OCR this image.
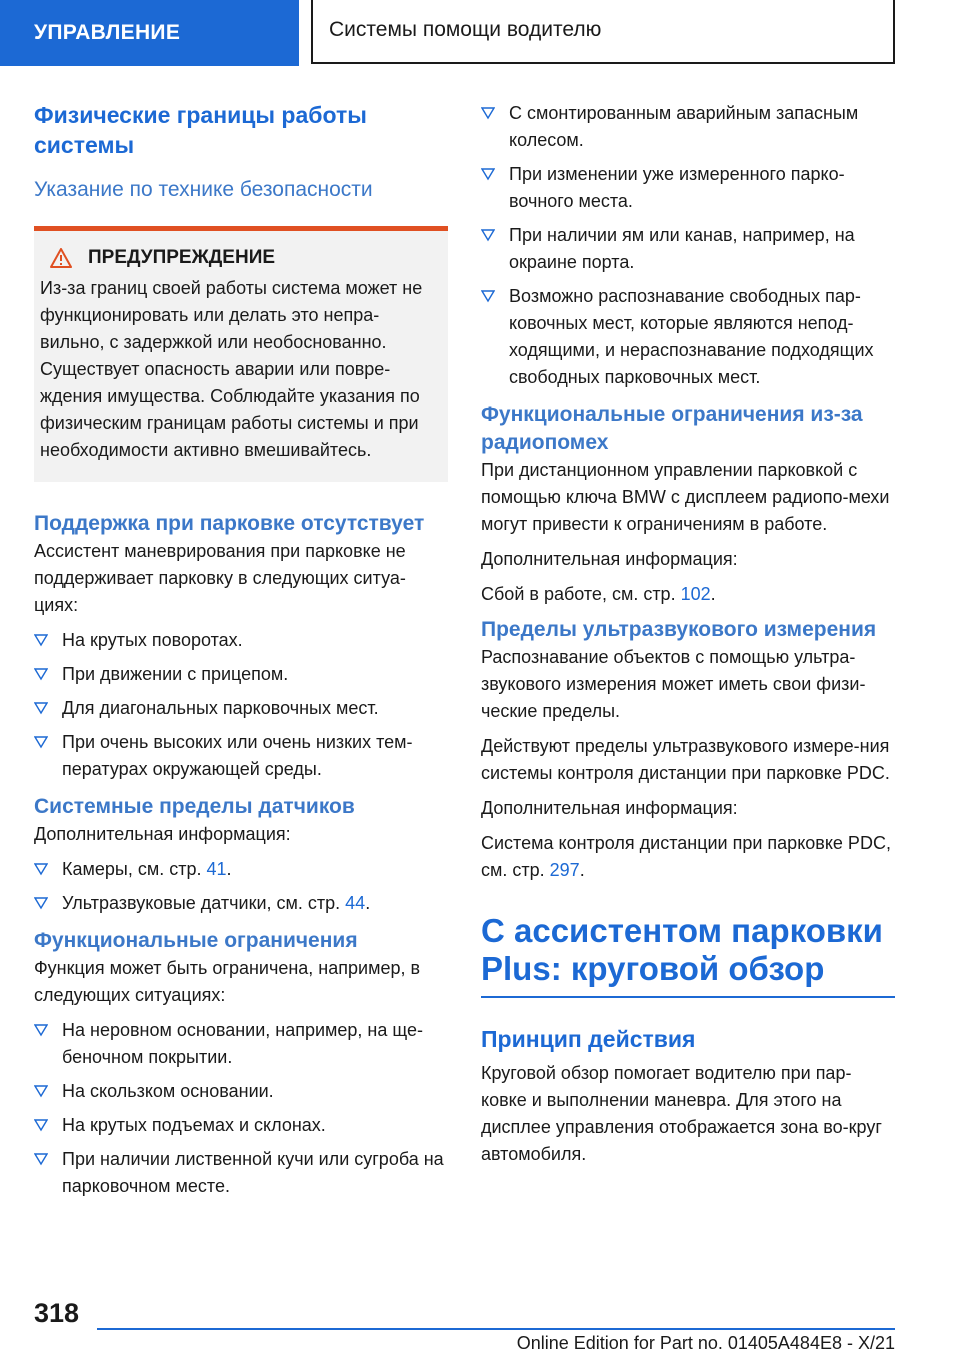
УПРАВЛЕНИЕ	Системы помощи водителю
Физические границы работы системы
Указание по технике безопасности
ПРЕДУПРЕЖДЕНИЕ

Из-за границ своей работы система может не функционировать или делать это непра-вильно, с задержкой или необоснованно. Существует опасность аварии или повре-ждения имущества. Соблюдайте указания по физическим границам работы системы и при необходимости активно вмешивайтесь.

Поддержка при парковке отсутствует

Ассистент маневрирования при парковке не поддерживает парковку в следующих ситуа-циях:

На крутых поворотах.
При движении с прицепом.
Для диагональных парковочных мест.
При очень высоких или очень низких тем-пературах окружающей среды.
Системные пределы датчиков

Дополнительная информация:

Камеры, см. стр. 41.
Ультразвуковые датчики, см. стр. 44.
Функциональные ограничения

Функция может быть ограничена, например, в следующих ситуациях:

На неровном основании, например, на ще-беночном покрытии.
На скользком основании.
На крутых подъемах и склонах.
При наличии лиственной кучи или сугроба на парковочном месте.
С смонтированным аварийным запасным колесом.
При изменении уже измеренного парко-вочного места.
При наличии ям или канав, например, на окраине порта.
Возможно распознавание свободных пар-ковочных мест, которые являются непод-ходящими, и нераспознавание подходящих свободных парковочных мест.
Функциональные ограничения из-за радиопомех

При дистанционном управлении парковкой с помощью ключа BMW с дисплеем радиопо-мехи могут привести к ограничениям в работе.

Дополнительная информация:

Сбой в работе, см. стр. 102.

Пределы ультразвукового измерения

Распознавание объектов с помощью ультра-звукового измерения может иметь свои физи-ческие пределы.

Действуют пределы ультразвукового измере-ния системы контроля дистанции при парковке PDC.

Дополнительная информация:

Система контроля дистанции при парковке PDC, см. стр. 297.

С ассистентом парковки Plus: круговой обзор
Принцип действия

Круговой обзор помогает водителю при пар-ковке и выполнении маневра. Для этого на дисплее управления отображается зона во-круг автомобиля.

318
Online Edition for Part no. 01405A484E8 - X/21
